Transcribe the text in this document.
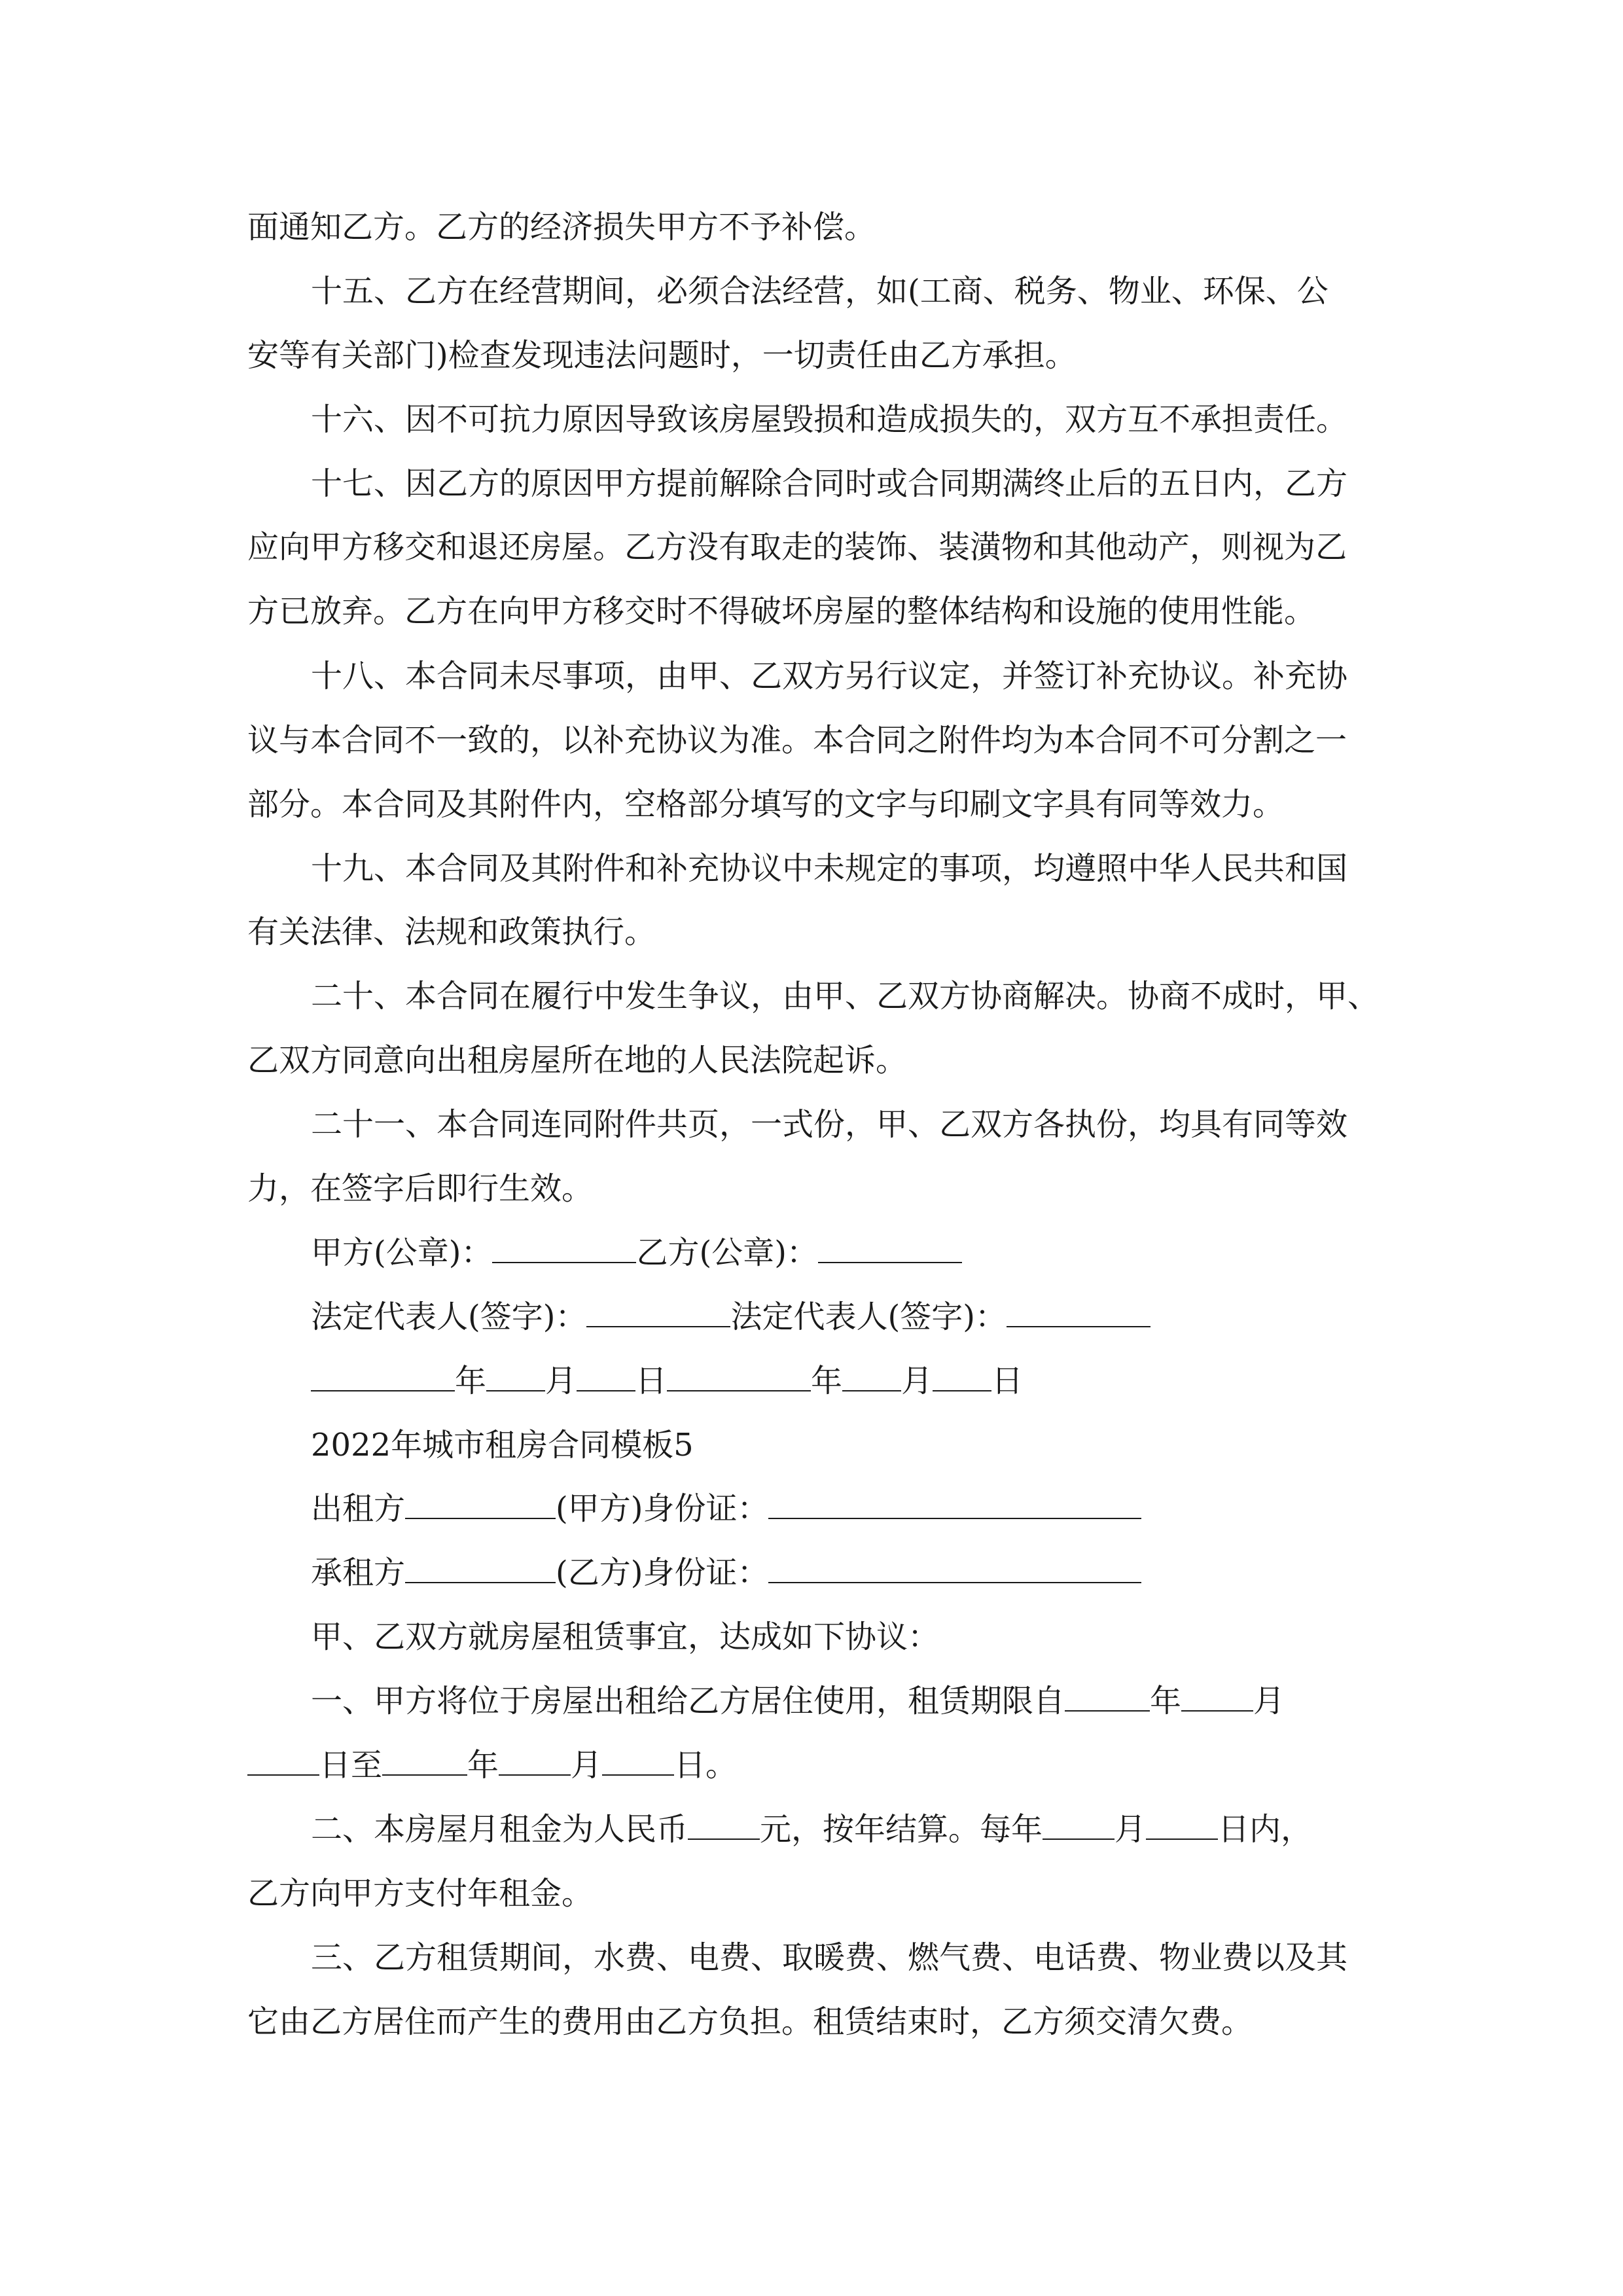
面通知乙方。乙方的经济损失甲方不予补偿。
十五、乙方在经营期间，必须合法经营，如(工商、税务、物业、环保、公
安等有关部门)检查发现违法问题时，一切责任由乙方承担。
十六、因不可抗力原因导致该房屋毁损和造成损失的，双方互不承担责任。
十七、因乙方的原因甲方提前解除合同时或合同期满终止后的五日内，乙方
应向甲方移交和退还房屋。乙方没有取走的装饰、装潢物和其他动产，则视为乙
方已放弃。乙方在向甲方移交时不得破坏房屋的整体结构和设施的使用性能。
十八、本合同未尽事项，由甲、乙双方另行议定，并签订补充协议。补充协
议与本合同不一致的，以补充协议为准。本合同之附件均为本合同不可分割之一
部分。本合同及其附件内，空格部分填写的文字与印刷文字具有同等效力。
十九、本合同及其附件和补充协议中未规定的事项，均遵照中华人民共和国
有关法律、法规和政策执行。
二十、本合同在履行中发生争议，由甲、乙双方协商解决。协商不成时，甲、
乙双方同意向出租房屋所在地的人民法院起诉。
二十一、本合同连同附件共页，一式份，甲、乙双方各执份，均具有同等效
力，在签字后即行生效。
甲方(公章)：	乙方(公章)：
法定代表人(签字)：	法定代表人(签字)：
年 月 日	年 月 日
2022年城市租房合同模板5
出租方	(甲方)身份证：
承租方	(乙方)身份证：
甲、乙双方就房屋租赁事宜，达成如下协议：
一、甲方将位于房屋出租给乙方居住使用，租赁期限自	年 月
日至	年 月 日。
二、本房屋月租金为人民币 元，按年结算。每年 月 日内，
乙方向甲方支付年租金。
三、乙方租赁期间，水费、电费、取暖费、燃气费、电话费、物业费以及其
它由乙方居住而产生的费用由乙方负担。租赁结束时，乙方须交清欠费。
